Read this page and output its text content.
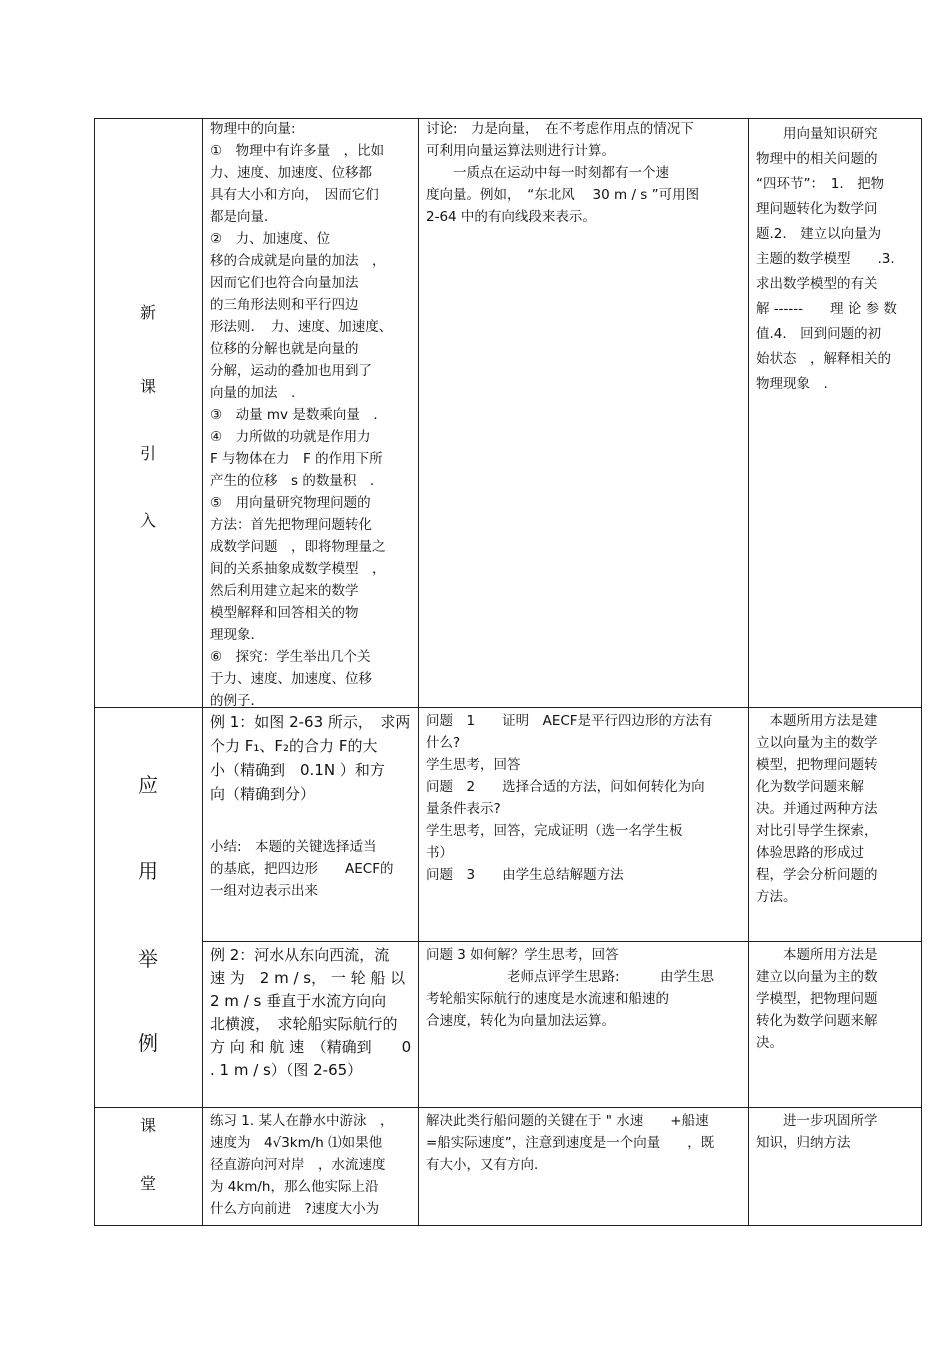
新
课
引
入
物理中的向量:
①　物理中有许多量　，比如
力、速度、加速度、位移都
具有大小和方向，　因而它们
都是向量．
②　力、加速度、位
移的合成就是向量的加法　，
因而它们也符合向量加法
的三角形法则和平行四边
形法则．　力、速度、加速度、
位移的分解也就是向量的
分解，运动的叠加也用到了
向量的加法　.
③　动量 mv 是数乘向量　.
④　力所做的功就是作用力
F 与物体在力　F 的作用下所
产生的位移　s 的数量积　.
⑤　用向量研究物理问题的
方法：首先把物理问题转化
成数学问题　，即将物理量之
间的关系抽象成数学模型　，
然后利用建立起来的数学
模型解释和回答相关的物
理现象．
⑥　探究：学生举出几个关
于力、速度、加速度、位移
的例子．
讨论:　力是向量，　在不考虑作用点的情况下
可利用向量运算法则进行计算。
　　一质点在运动中每一时刻都有一个速
度向量。例如，　“东北风　 30 m / s ”可用图
2-64 中的有向线段来表示。
　　用向量知识研究
物理中的相关问题的
“四环节”：　1.　把物
理问题转化为数学问
题.2.　建立以向量为
主题的数学模型　　.3.
求出数学模型的有关
解 ------　　理 论 参 数
值.4.　回到问题的初
始状态　，解释相关的
物理现象　.
应
用
举
例
例 1：如图 2-63 所示，　求两
个力 F₁、F₂的合力 F的大
小（精确到　0.1N ）和方
向（精确到分）
小结:　本题的关键选择适当
的基底，把四边形　　AECF的
一组对边表示出来
问题　1　　证明　AECF是平行四边形的方法有
什么?
学生思考，回答
问题　2　　选择合适的方法，问如何转化为向
量条件表示?
学生思考，回答，完成证明（选一名学生板
书）
问题　3　　由学生总结解题方法
　本题所用方法是建
立以向量为主的数学
模型，把物理问题转
化为数学问题来解
决。并通过两种方法
对比引导学生探索，
体验思路的形成过
程，学会分析问题的
方法。
例 2：河水从东向西流，流
速 为　2 m / s， 一 轮 船 以
2 m / s 垂直于水流方向向
北横渡，　求轮船实际航行的
方 向 和 航 速　（精确到　　0
. 1 m / s）（图 2-65）
问题 3 如何解？学生思考，回答
　　　　　　老师点评学生思路:　　　由学生思
考轮船实际航行的速度是水流速和船速的
合速度，转化为向量加法运算。
　　本题所用方法是
建立以向量为主的数
学模型，把物理问题
转化为数学问题来解
决。
课
堂
练习 1. 某人在静水中游泳　，
速度为　4√3km/h ⑴如果他
径直游向河对岸　，水流速度
为 4km/h，那么他实际上沿
什么方向前进　?速度大小为
解决此类行船问题的关键在于 " 水速　　+船速
=船实际速度”，注意到速度是一个向量　　，既
有大小，又有方向．
　　进一步巩固所学
知识，归纳方法
